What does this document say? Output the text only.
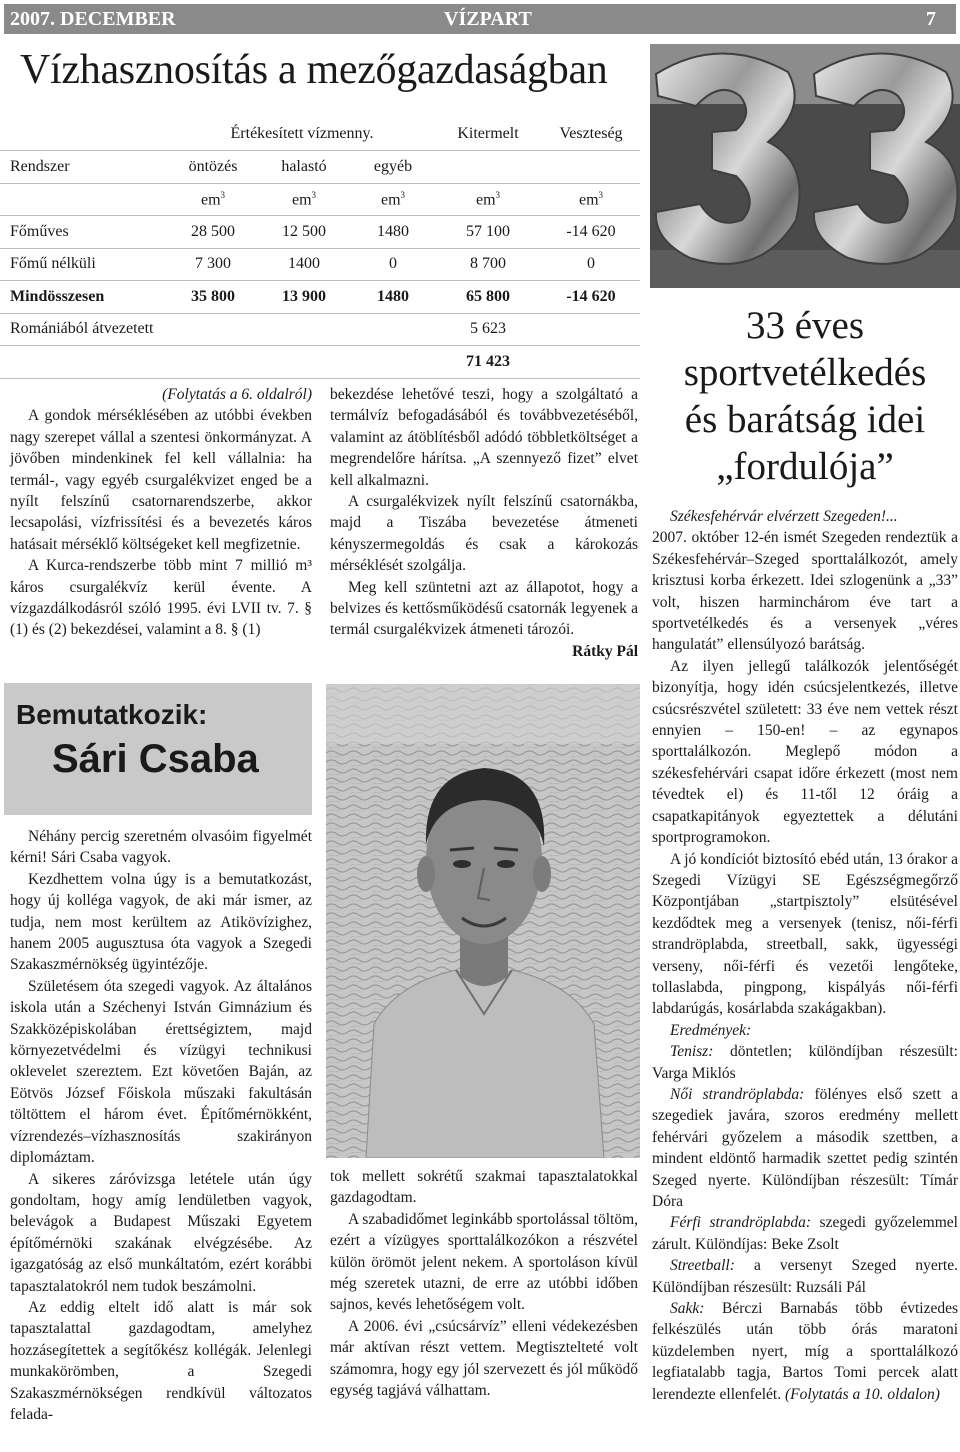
2007. DECEMBER	VÍZPART	7
Vízhasznosítás a mezőgazdaságban
	Értékesített vízmenny.			Kitermelt	Veszteség
Rendszer	öntözés	halastó	egyéb		
	$em^3$	$em^3$	$em^3$	$em^3$	$em^3$
Főműves	28 500	12 500	1480	57 100	-14 620
Főmű nélküli	7 300	1400	0	8 700	0
Mindösszesen	35 800	13 900	1480	65 800	-14 620
Romániából átvezetett				5 623	
				71 423	

(Folytatás a 6. oldalról)

A gondok mérséklésében az utóbbi években nagy szerepet vállal a szentesi önkormányzat. A jövőben mindenkinek fel kell vállalnia: ha termál-, vagy egyéb csurgalékvizet enged be a nyílt felszínű csatornarendszerbe, akkor lecsapolási, vízfrissítési és a bevezetés káros hatásait mérséklő költségeket kell megfizetnie.

A Kurca-rendszerbe több mint 7 millió m³ káros csurgalékvíz kerül évente. A vízgazdálkodásról szóló 1995. évi LVII tv. 7. § (1) és (2) bekezdései, valamint a 8. § (1)

bekezdése lehetővé teszi, hogy a szolgáltató a termálvíz befogadásából és továbbvezetéséből, valamint az átöblítésből adódó többletköltséget a megrendelőre hárítsa. „A szennyező fizet” elvet kell alkalmazni.

A csurgalékvizek nyílt felszínű csatornákba, majd a Tiszába bevezetése átmeneti kényszermegoldás és csak a károkozás mérséklését szolgálja.

Meg kell szüntetni azt az állapotot, hogy a belvizes és kettősműködésű csatornák legyenek a termál csurgalékvizek átmeneti tározói.
Rátky Pál

Bemutatkozik:
Sári Csaba

Néhány percig szeretném olvasóim figyelmét kérni! Sári Csaba vagyok.

Kezdhettem volna úgy is a bemutatkozást, hogy új kolléga vagyok, de aki már ismer, az tudja, nem most kerültem az Atikövízighez, hanem 2005 augusztusa óta vagyok a Szegedi Szakaszmérnökség ügyintézője.

Születésem óta szegedi vagyok. Az általános iskola után a Széchenyi István Gimnázium és Szakközépiskolában érettségiztem, majd környezetvédelmi és vízügyi technikusi oklevelet szereztem. Ezt követően Baján, az Eötvös József Főiskola műszaki fakultásán töltöttem el három évet. Építőmérnökként, vízrendezés–vízhasznosítás szakirányon diplomáztam.

A sikeres záróvizsga letétele után úgy gondoltam, hogy amíg lendületben vagyok, belevágok a Budapest Műszaki Egyetem építőmérnöki szakának elvégzésébe. Az igazgatóság az első munkáltatóm, ezért korábbi tapasztalatokról nem tudok beszámolni.

Az eddig eltelt idő alatt is már sok tapasztalattal gazdagodtam, amelyhez hozzásegítettek a segítőkész kollégák. Jelenlegi munkakörömben, a Szegedi Szakaszmérnökségen rendkívül változatos felada-

tok mellett sokrétű szakmai tapasztalatokkal gazdagodtam.

A szabadidőmet leginkább sportolással töltöm, ezért a vízügyes sporttalálkozókon a részvétel külön örömöt jelent nekem. A sportoláson kívül még szeretek utazni, de erre az utóbbi időben sajnos, kevés lehetőségem volt.

A 2006. évi „csúcsárvíz” elleni védekezésben már aktívan részt vettem. Megtisztelteté volt számomra, hogy egy jól szervezett és jól működő egység tagjává válhattam.

33 éves
sportvetélkedés
és barátság idei
„fordulója”

Székesfehérvár elvérzett Szegeden!...

2007. október 12-én ismét Szegeden rendeztük a Székesfehérvár–Szeged sporttalálkozót, amely krisztusi korba érkezett. Idei szlogenünk a „33” volt, hiszen harminchárom éve tart a sportvetélkedés és a versenyek „véres hangulatát” ellensúlyozó barátság.

Az ilyen jellegű találkozók jelentőségét bizonyítja, hogy idén csúcsjelentkezés, illetve csúcsrészvétel született: 33 éve nem vettek részt ennyien – 150-en! – az egynapos sporttalálkozón. Meglepő módon a székesfehérvári csapat időre érkezett (most nem tévedtek el) és 11-től 12 óráig a csapatkapitányok egyeztettek a délutáni sportprogramokon.

A jó kondíciót biztosító ebéd után, 13 órakor a Szegedi Vízügyi SE Egészségmegőrző Központjában „startpisztoly” elsütésével kezdődtek meg a versenyek (tenisz, női-férfi strandröplabda, streetball, sakk, ügyességi verseny, női-férfi és vezetői lengőteke, tollaslabda, pingpong, kispályás női-férfi labdarúgás, kosárlabda szakágakban).

Eredmények:

Tenisz: döntetlen; különdíjban részesült: Varga Miklós

Női strandröplabda: fölényes első szett a szegediek javára, szoros eredmény mellett fehérvári győzelem a második szettben, a mindent eldöntő harmadik szettet pedig szintén Szeged nyerte. Különdíjban részesült: Tímár Dóra

Férfi strandröplabda: szegedi győzelemmel zárult. Különdíjas: Beke Zsolt

Streetball: a versenyt Szeged nyerte. Különdíjban részesült: Ruzsáli Pál

Sakk: Bérczi Barnabás több évtizedes felkészülés után több órás maratoni küzdelemben nyert, míg a sporttalálkozó legfiatalabb tagja, Bartos Tomi percek alatt lerendezte ellenfelét. (Folytatás a 10. oldalon)
